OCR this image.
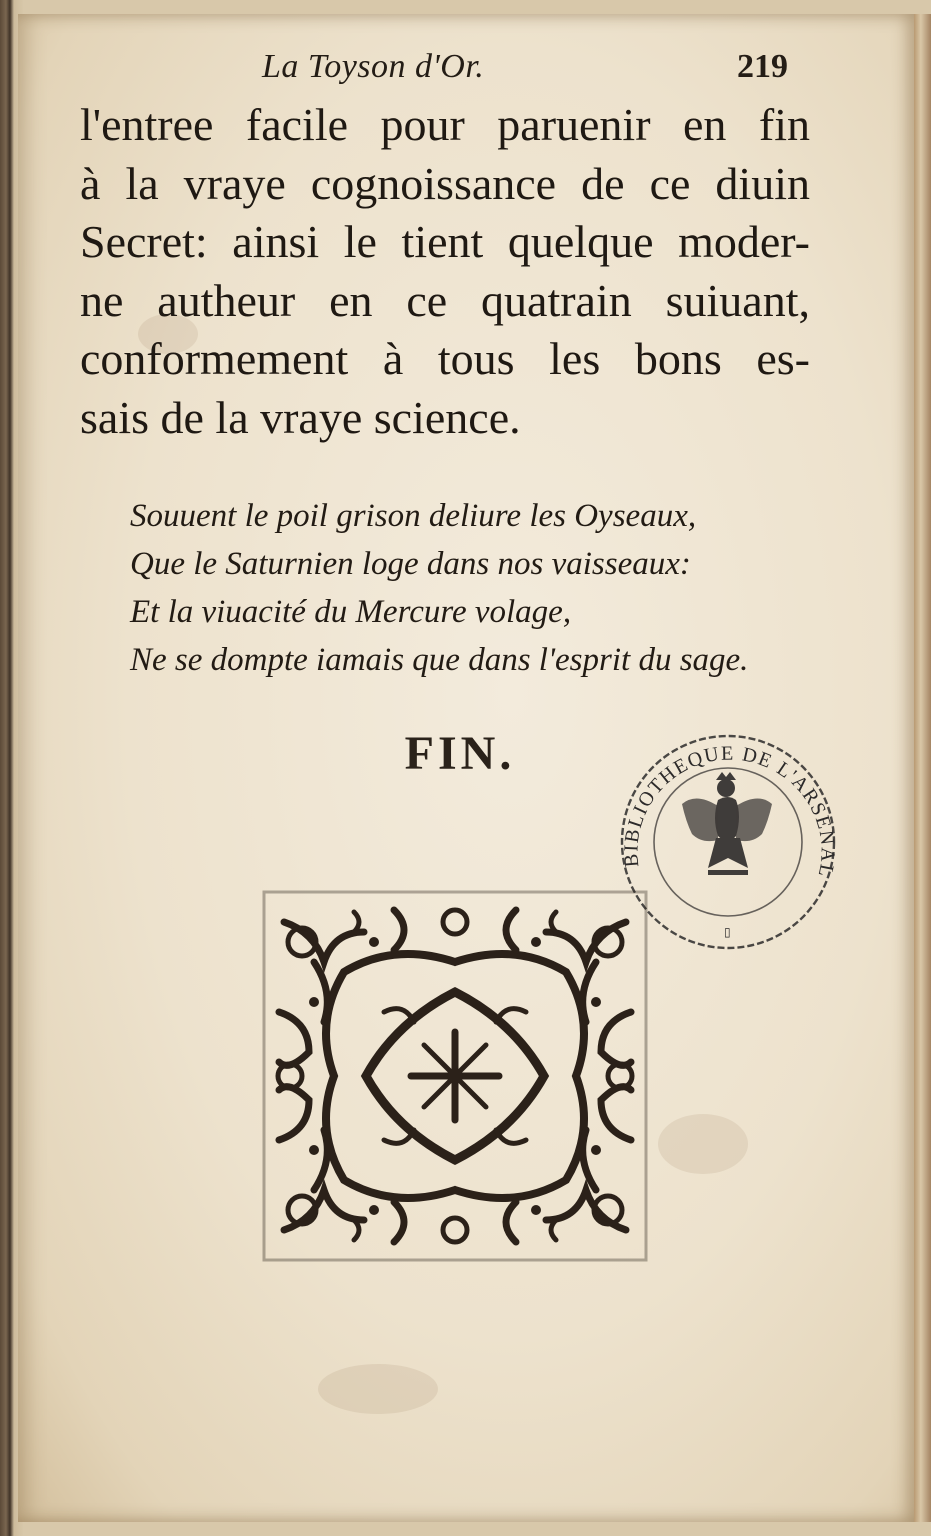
La Toyson d'Or.	219
l'entree facile pour paruenir en fin
à la vraye cognoissance de ce diuin
Secret: ainsi le tient quelque moder-
ne autheur en ce quatrain suiuant,
conformement à tous les bons es-
sais de la vraye science.
Souuent le poil grison deliure les Oyseaux,
Que le Saturnien loge dans nos vaisseaux:
Et la viuacité du Mercure volage,
Ne se dompte iamais que dans l'esprit du sage.
FIN.
BIBLIOTHEQUE DE L'ARSENAL
▯
